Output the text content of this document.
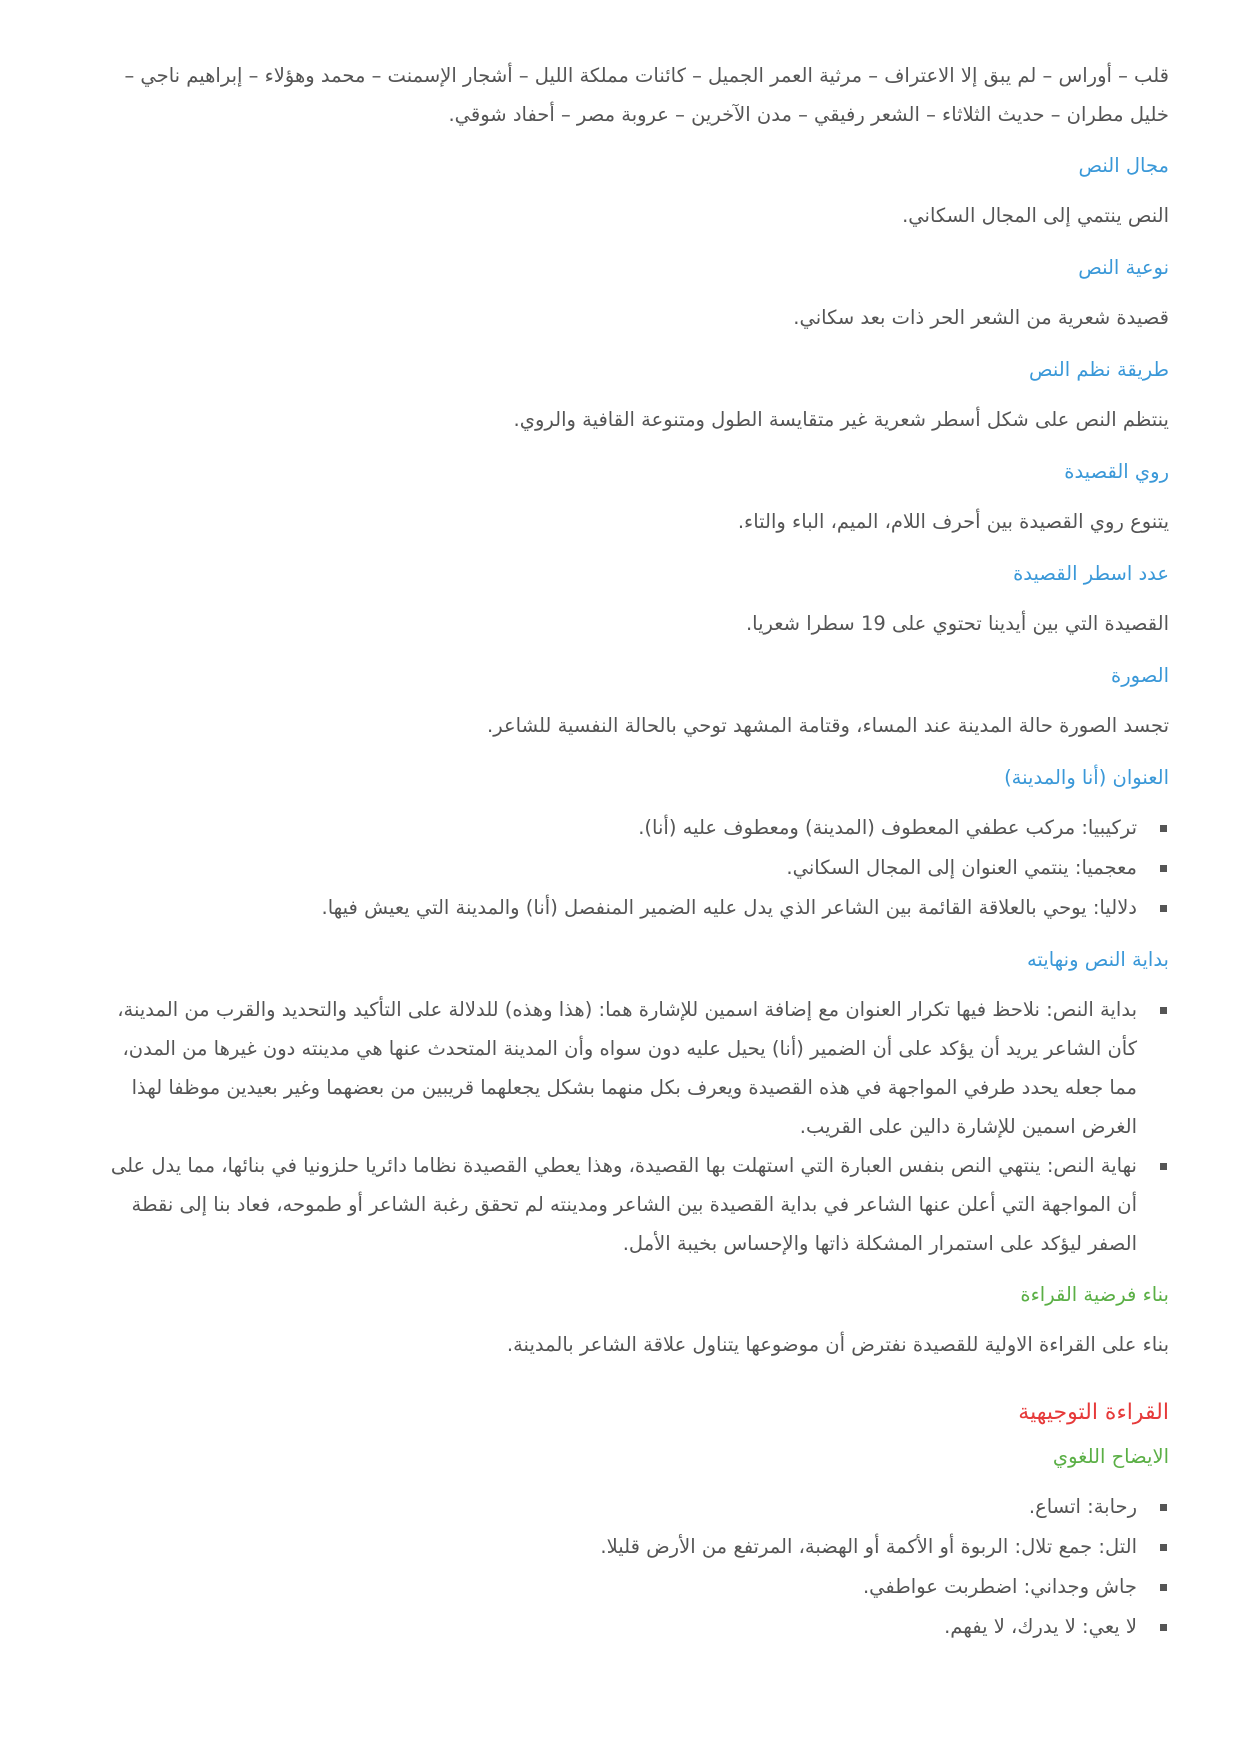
قلب – أوراس – لم يبق إلا الاعتراف – مرثية العمر الجميل – كائنات مملكة الليل – أشجار الإسمنت – محمد وهؤلاء – إبراهيم ناجي – خليل مطران – حديث الثلاثاء – الشعر رفيقي – مدن الآخرين – عروبة مصر – أحفاد شوقي.

مجال النص

النص ينتمي إلى المجال السكاني.

نوعية النص

قصيدة شعرية من الشعر الحر ذات بعد سكاني.

طريقة نظم النص

ينتظم النص على شكل أسطر شعرية غير متقايسة الطول ومتنوعة القافية والروي.

روي القصيدة

يتنوع روي القصيدة بين أحرف اللام، الميم، الباء والتاء.

عدد اسطر القصيدة

القصيدة التي بين أيدينا تحتوي على 19 سطرا شعريا.

الصورة

تجسد الصورة حالة المدينة عند المساء، وقتامة المشهد توحي بالحالة النفسية للشاعر.

العنوان (أنا والمدينة)
تركيبيا: مركب عطفي المعطوف (المدينة) ومعطوف عليه (أنا).
معجميا: ينتمي العنوان إلى المجال السكاني.
دلاليا: يوحي بالعلاقة القائمة بين الشاعر الذي يدل عليه الضمير المنفصل (أنا) والمدينة التي يعيش فيها.
بداية النص ونهايته
بداية النص: نلاحظ فيها تكرار العنوان مع إضافة اسمين للإشارة هما: (هذا وهذه) للدلالة على التأكيد والتحديد والقرب من المدينة، كأن الشاعر يريد أن يؤكد على أن الضمير (أنا) يحيل عليه دون سواه وأن المدينة المتحدث عنها هي مدينته دون غيرها من المدن، مما جعله يحدد طرفي المواجهة في هذه القصيدة ويعرف بكل منهما بشكل يجعلهما قريبين من بعضهما وغير بعيدين موظفا لهذا الغرض اسمين للإشارة دالين على القريب.
نهاية النص: ينتهي النص بنفس العبارة التي استهلت بها القصيدة، وهذا يعطي القصيدة نظاما دائريا حلزونيا في بنائها، مما يدل على أن المواجهة التي أعلن عنها الشاعر في بداية القصيدة بين الشاعر ومدينته لم تحقق رغبة الشاعر أو طموحه، فعاد بنا إلى نقطة الصفر ليؤكد على استمرار المشكلة ذاتها والإحساس بخيبة الأمل.
بناء فرضية القراءة

بناء على القراءة الاولية للقصيدة نفترض أن موضوعها يتناول علاقة الشاعر بالمدينة.

القراءة التوجيهية
الايضاح اللغوي
رحابة: اتساع.
التل: جمع تلال: الربوة أو الأكمة أو الهضبة، المرتفع من الأرض قليلا.
جاش وجداني: اضطربت عواطفي.
لا يعي: لا يدرك، لا يفهم.
